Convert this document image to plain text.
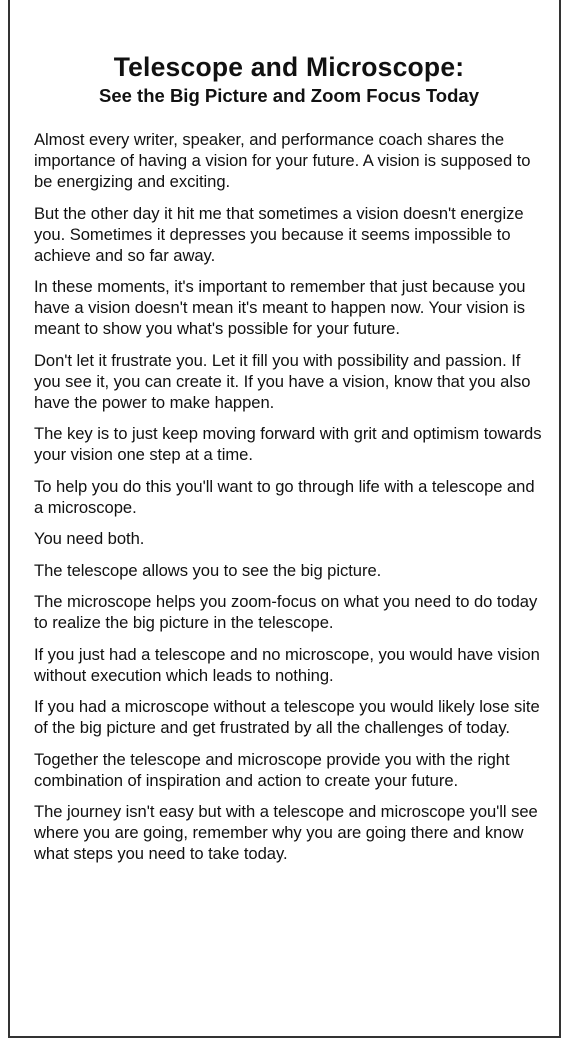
Telescope and Microscope:
See the Big Picture and Zoom Focus Today

Almost every writer, speaker, and performance coach shares the importance of having a vision for your future. A vision is supposed to be energizing and exciting.

But the other day it hit me that sometimes a vision doesn't energize you. Sometimes it depresses you because it seems impossible to achieve and so far away.

In these moments, it's important to remember that just because you have a vision doesn't mean it's meant to happen now. Your vision is meant to show you what's possible for your future.

Don't let it frustrate you. Let it fill you with possibility and passion. If you see it, you can create it. If you have a vision, know that you also have the power to make happen.

The key is to just keep moving forward with grit and optimism towards your vision one step at a time.

To help you do this you'll want to go through life with a telescope and a microscope.

You need both.

The telescope allows you to see the big picture.

The microscope helps you zoom-focus on what you need to do today to realize the big picture in the telescope.

If you just had a telescope and no microscope, you would have vision without execution which leads to nothing.

If you had a microscope without a telescope you would likely lose site of the big picture and get frustrated by all the challenges of today.

Together the telescope and microscope provide you with the right combination of inspiration and action to create your future.

The journey isn't easy but with a telescope and microscope you'll see where you are going, remember why you are going there and know what steps you need to take today.
